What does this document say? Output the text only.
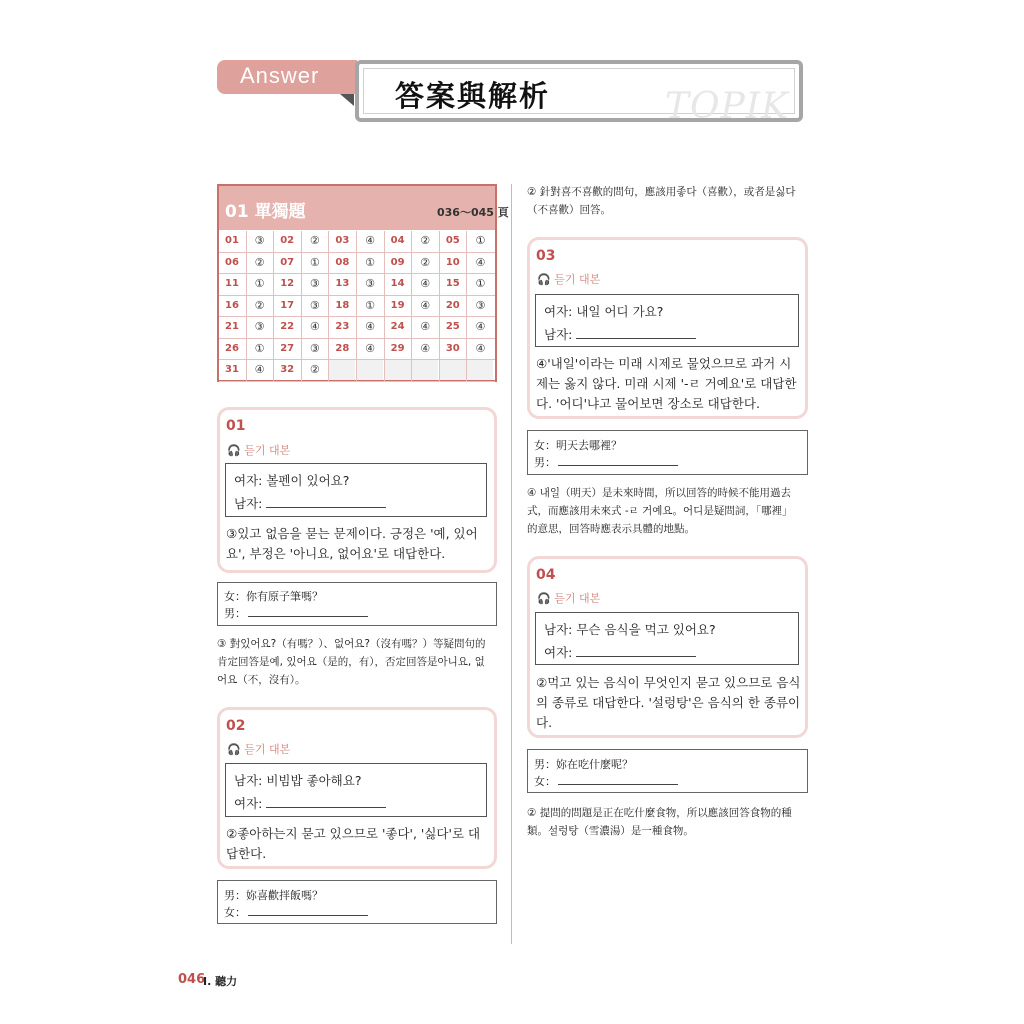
Answer
TOPIK
答案與解析
01	③	02	②	03	④	04	②	05	①
06	②	07	①	08	①	09	②	10	④
11	①	12	③	13	③	14	④	15	①
16	②	17	③	18	①	19	④	20	③
21	③	22	④	23	④	24	④	25	④
26	①	27	③	28	④	29	④	30	④
31	④	32	②
01 單獨題	036～045 頁
01
🎧 듣기 대본
여자: 볼펜이 있어요?
남자:
③있고 없음을 묻는 문제이다. 긍정은 '예, 있어
요', 부정은 '아니요, 없어요'로 대답한다.
女：你有原子筆嗎？
男：
③ 對있어요?（有嗎？）、없어요?（沒有嗎？）等疑問句的
肯定回答是예, 있어요（是的，有），否定回答是아니요, 없
어요（不，沒有）。
02
🎧 듣기 대본
남자: 비빔밥 좋아해요?
여자:
②좋아하는지 묻고 있으므로 '좋다', '싫다'로 대
답한다.
男：妳喜歡拌飯嗎？
女：
② 針對喜不喜歡的問句，應該用좋다（喜歡），或者是싫다
（不喜歡）回答。
03
🎧 듣기 대본
여자: 내일 어디 가요?
남자:
④'내일'이라는 미래 시제로 물었으므로 과거 시
제는 옳지 않다. 미래 시제 '-ㄹ 거예요'로 대답한
다. '어디'냐고 물어보면 장소로 대답한다.
女：明天去哪裡？
男：
④ 내일（明天）是未來時間，所以回答的時候不能用過去
式，而應該用未來式 -ㄹ 거예요。어디是疑問詞，「哪裡」
的意思，回答時應表示具體的地點。
04
🎧 듣기 대본
남자: 무슨 음식을 먹고 있어요?
여자:
②먹고 있는 음식이 무엇인지 묻고 있으므로 음식
의 종류로 대답한다. '설렁탕'은 음식의 한 종류이
다.
男：妳在吃什麼呢？
女：
② 提問的問題是正在吃什麼食物，所以應該回答食物的種
類。설렁탕（雪濃湯）是一種食物。
046
I. 聽力
